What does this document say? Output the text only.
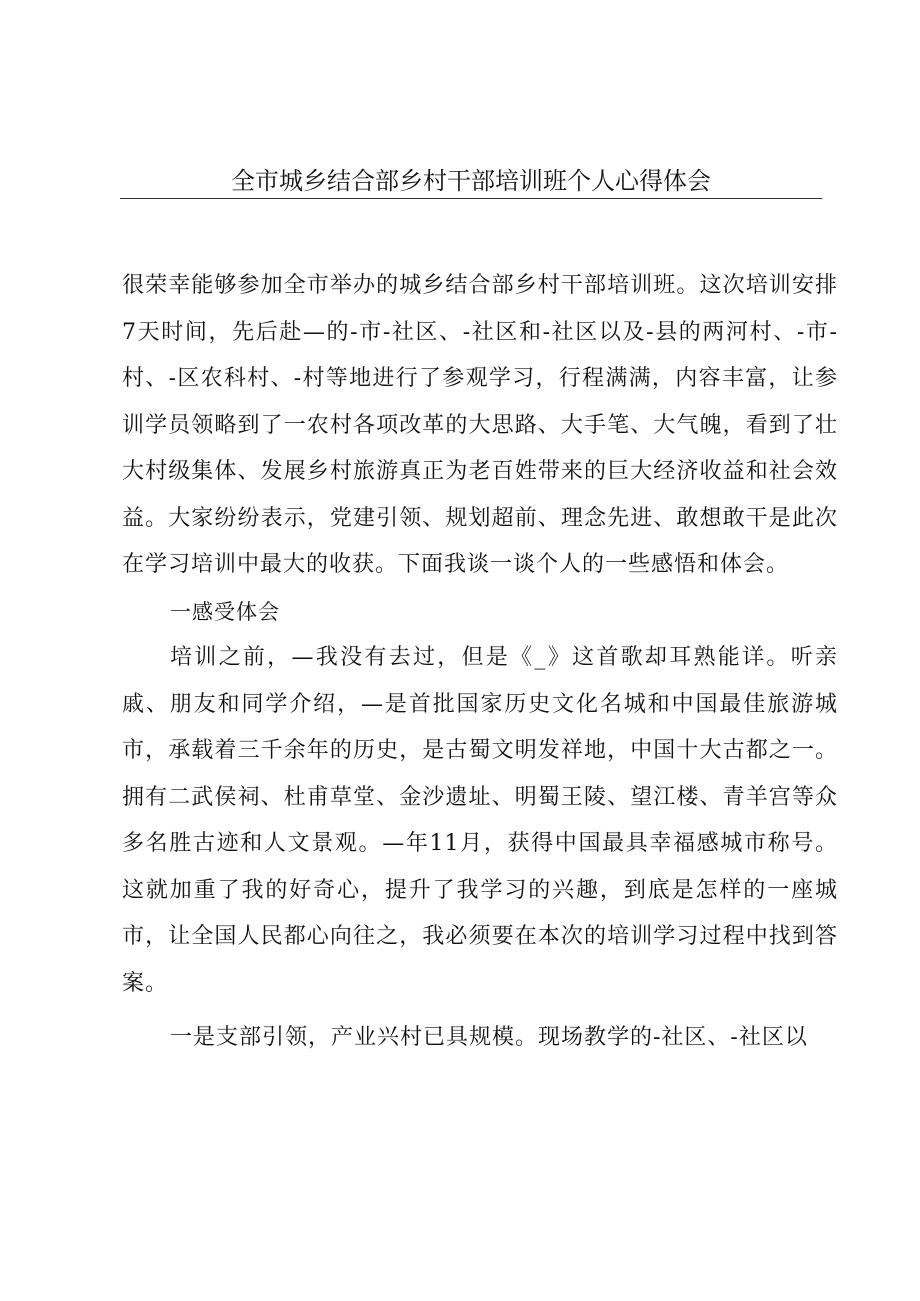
全市城乡结合部乡村干部培训班个人心得体会

很荣幸能够参加全市举办的城乡结合部乡村干部培训班。这次培训安排7天时间，先后赴—的-市-社区、-社区和-社区以及-县的两河村、-市-村、-区农科村、-村等地进行了参观学习，行程满满，内容丰富，让参训学员领略到了一农村各项改革的大思路、大手笔、大气魄，看到了壮大村级集体、发展乡村旅游真正为老百姓带来的巨大经济收益和社会效益。大家纷纷表示，党建引领、规划超前、理念先进、敢想敢干是此次在学习培训中最大的收获。下面我谈一谈个人的一些感悟和体会。

一感受体会

培训之前，—我没有去过，但是《_》这首歌却耳熟能详。听亲戚、朋友和同学介绍，—是首批国家历史文化名城和中国最佳旅游城市，承载着三千余年的历史，是古蜀文明发祥地，中国十大古都之一。拥有二武侯祠、杜甫草堂、金沙遗址、明蜀王陵、望江楼、青羊宫等众多名胜古迹和人文景观。—年11月，获得中国最具幸福感城市称号。这就加重了我的好奇心，提升了我学习的兴趣，到底是怎样的一座城市，让全国人民都心向往之，我必须要在本次的培训学习过程中找到答案。

一是支部引领，产业兴村已具规模。现场教学的-社区、-社区以
